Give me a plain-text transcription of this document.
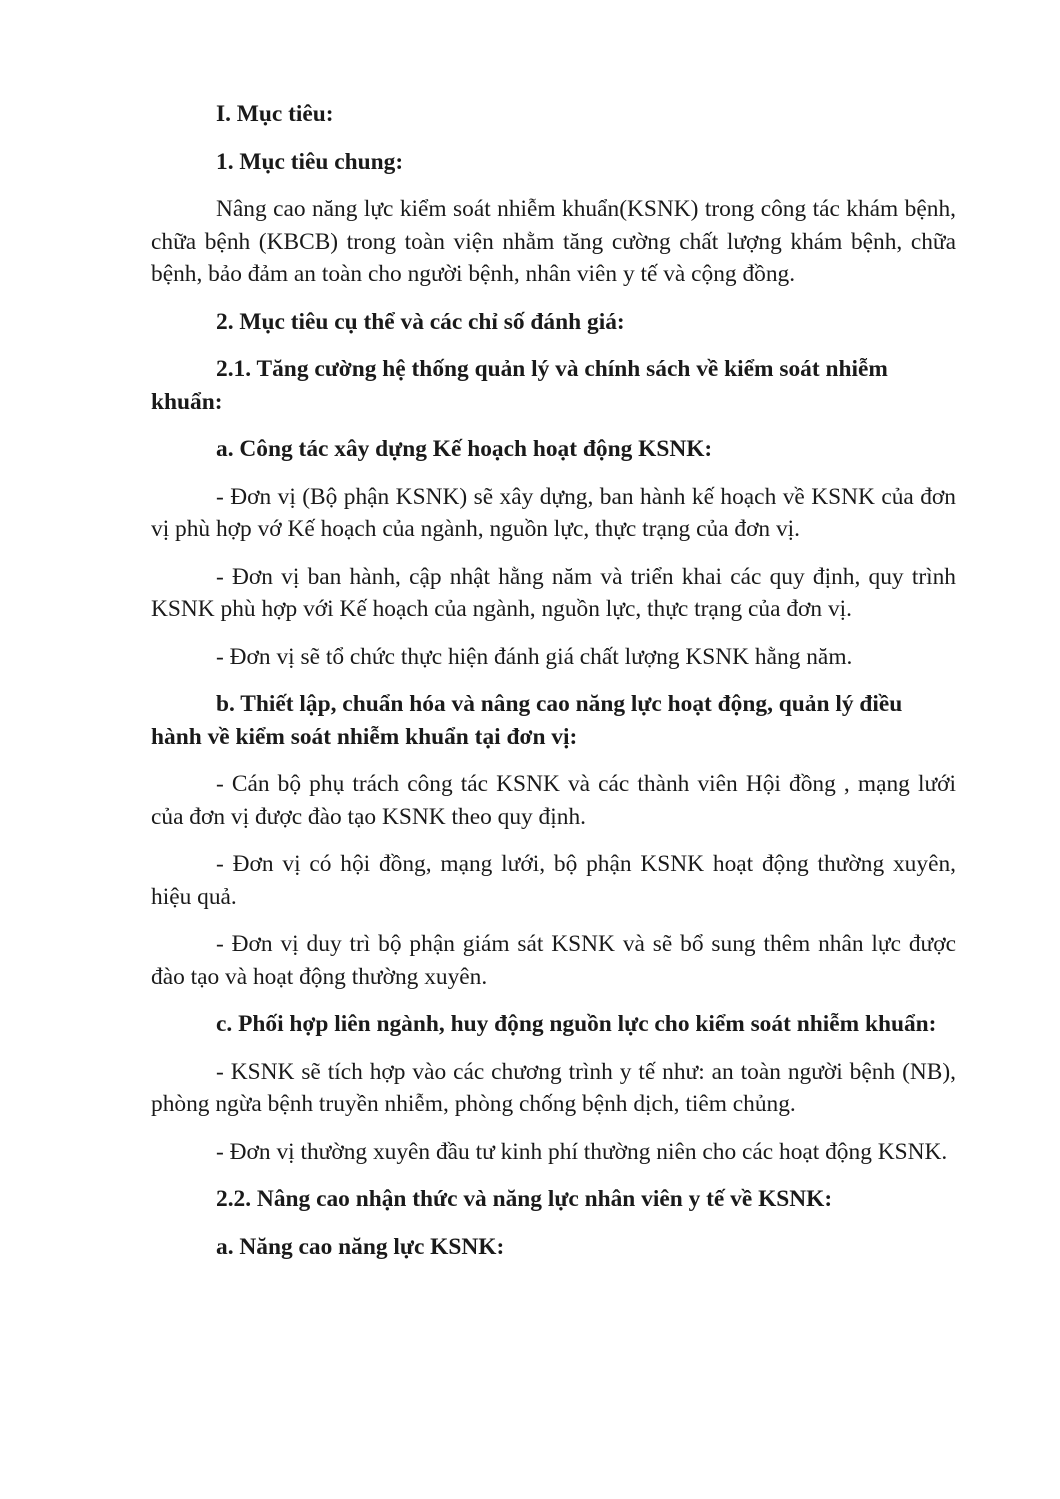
I. Mục tiêu:

1. Mục tiêu chung:

Nâng cao năng lực kiểm soát nhiễm khuẩn(KSNK) trong công tác khám bệnh, chữa bệnh (KBCB) trong toàn viện nhằm tăng cường chất lượng khám bệnh, chữa bệnh, bảo đảm an toàn cho người bệnh, nhân viên y tế và cộng đồng.

2. Mục tiêu cụ thể và các chỉ số đánh giá:

2.1. Tăng cường hệ thống quản lý và chính sách về kiểm soát nhiễm khuẩn:

a. Công tác xây dựng Kế hoạch hoạt động KSNK:

- Đơn vị (Bộ phận KSNK) sẽ xây dựng, ban hành kế hoạch về KSNK của đơn vị phù hợp vớ Kế hoạch của ngành, nguồn lực, thực trạng của đơn vị.

- Đơn vị ban hành, cập nhật hằng năm và triển khai các quy định, quy trình KSNK phù hợp với Kế hoạch của ngành, nguồn lực, thực trạng của đơn vị.

- Đơn vị sẽ tổ chức thực hiện đánh giá chất lượng KSNK hằng năm.

b. Thiết lập, chuẩn hóa và nâng cao năng lực hoạt động, quản lý điều hành về kiểm soát nhiễm khuẩn tại đơn vị:

- Cán bộ phụ trách công tác KSNK và các thành viên Hội đồng , mạng lưới của đơn vị được đào tạo KSNK theo quy định.

- Đơn vị có hội đồng, mạng lưới, bộ phận KSNK hoạt động thường xuyên, hiệu quả.

- Đơn vị duy trì bộ phận giám sát KSNK và sẽ bổ sung thêm nhân lực được đào tạo và hoạt động thường xuyên.

c. Phối hợp liên ngành, huy động nguồn lực cho kiểm soát nhiễm khuẩn:

- KSNK sẽ tích hợp vào các chương trình y tế như: an toàn người bệnh (NB), phòng ngừa bệnh truyền nhiễm, phòng chống bệnh dịch, tiêm chủng.

- Đơn vị thường xuyên đầu tư kinh phí thường niên cho các hoạt động KSNK.

2.2. Nâng cao nhận thức và năng lực nhân viên y tế về KSNK:

a. Năng cao năng lực KSNK:
